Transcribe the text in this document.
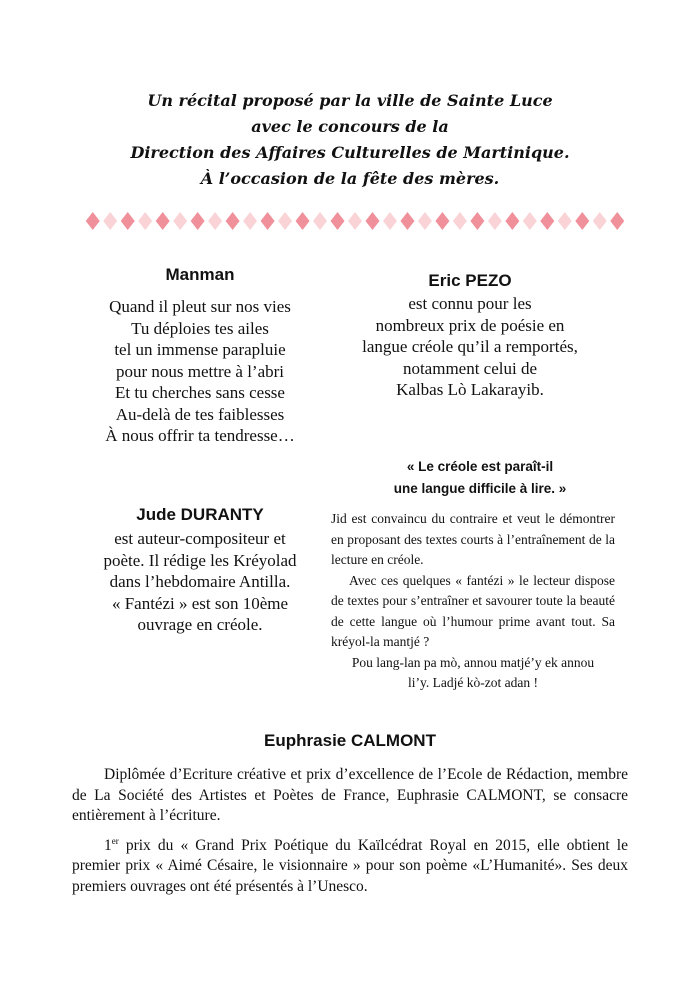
Un récital proposé par la ville de Sainte Luce
avec le concours de la
Direction des Affaires Culturelles de Martinique.
À l’occasion de la fête des mères.
Manman
Quand il pleut sur nos vies
Tu déploies tes ailes
tel un immense parapluie
pour nous mettre à l’abri
Et tu cherches sans cesse
Au-delà de tes faiblesses
À nous offrir ta tendresse…
Eric PEZO
est connu pour les
nombreux prix de poésie en
langue créole qu’il a remportés,
notamment celui de
Kalbas Lò Lakarayib.
« Le créole est paraît-il
une langue difficile à lire. »

Jid est convaincu du contraire et veut le démontrer en proposant des textes courts à l’entraînement de la lecture en créole.

Avec ces quelques « fantézi » le lecteur dispose de textes pour s’entraîner et savourer toute la beauté de cette langue où l’humour prime avant tout. Sa kréyol-la mantjé ?

Pou lang-lan pa mò, annou matjé’y ek annou

li’y. Ladjé kò-zot adan !

Jude DURANTY
est auteur-compositeur et
poète. Il rédige les Kréyolad
dans l’hebdomaire Antilla.
« Fantézi » est son 10ème
ouvrage en créole.
Euphrasie CALMONT

Diplômée d’Ecriture créative et prix d’excellence de l’Ecole de Rédaction, membre de La Société des Artistes et Poètes de France, Euphrasie CALMONT, se consacre entièrement à l’écriture.

1er prix du « Grand Prix Poétique du Kaïlcédrat Royal en 2015, elle obtient le premier prix « Aimé Césaire, le visionnaire » pour son poème «L’Humanité». Ses deux premiers ouvrages ont été présentés à l’Unesco.
